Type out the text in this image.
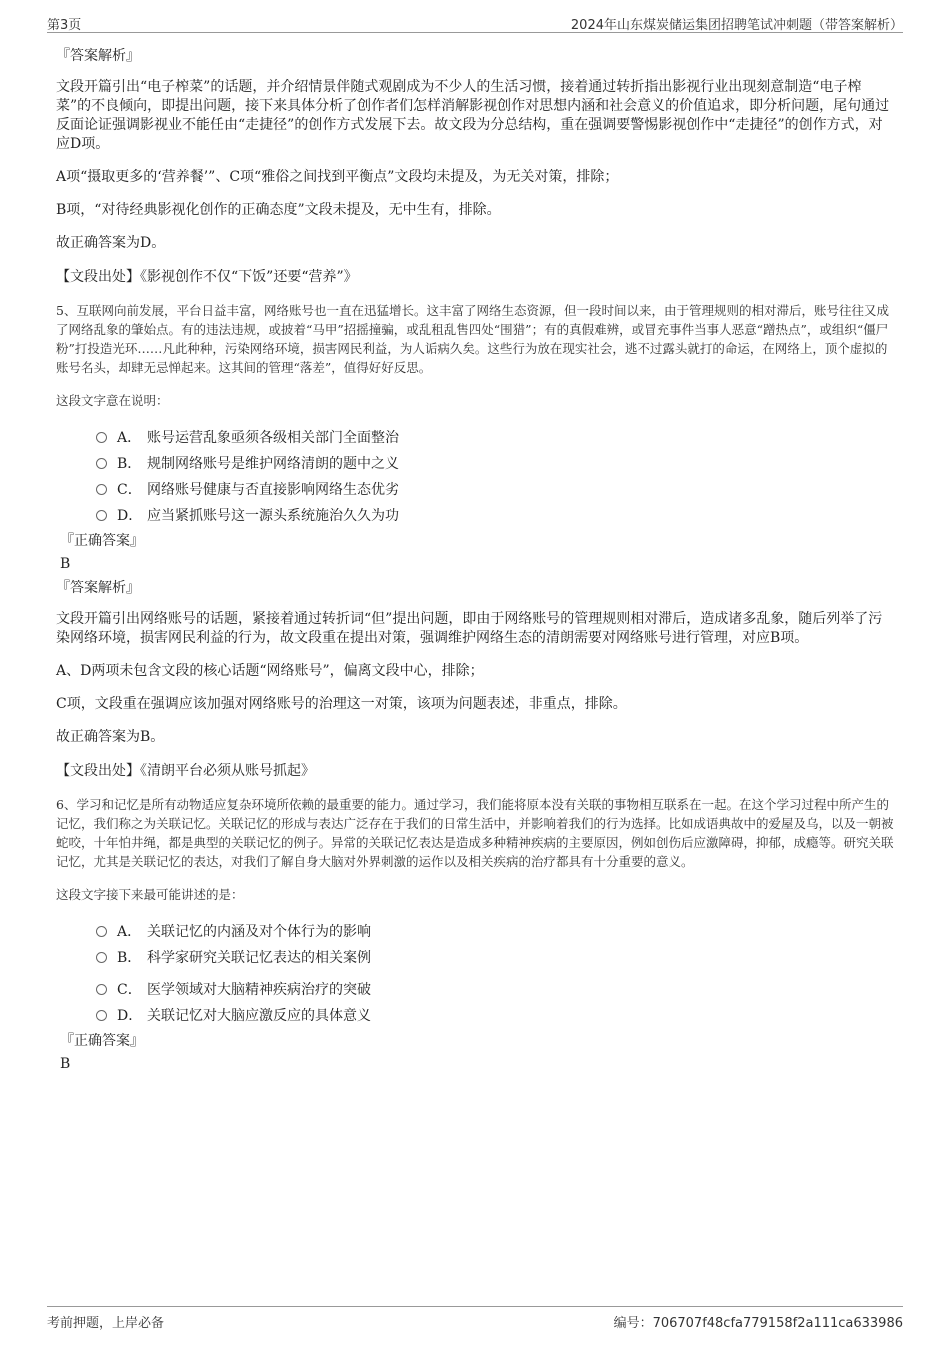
第3页	2024年山东煤炭储运集团招聘笔试冲刺题（带答案解析）
『答案解析』
文段开篇引出“电子榨菜”的话题，并介绍情景伴随式观剧成为不少人的生活习惯，接着通过转折指出影视行业出现刻意制造“电子榨菜”的不良倾向，即提出问题，接下来具体分析了创作者们怎样消解影视创作对思想内涵和社会意义的价值追求，即分析问题，尾句通过反面论证强调影视业不能任由“走捷径”的创作方式发展下去。故文段为分总结构，重在强调要警惕影视创作中“走捷径”的创作方式，对应D项。
A项“摄取更多的‘营养餐’”、C项“雅俗之间找到平衡点”文段均未提及，为无关对策，排除；
B项，“对待经典影视化创作的正确态度”文段未提及，无中生有，排除。
故正确答案为D。
【文段出处】《影视创作不仅“下饭”还要“营养”》
5、互联网向前发展，平台日益丰富，网络账号也一直在迅猛增长。这丰富了网络生态资源，但一段时间以来，由于管理规则的相对滞后，账号往往又成了网络乱象的肇始点。有的违法违规，或披着“马甲”招摇撞骗，或乱租乱售四处“围猎”；有的真假难辨，或冒充事件当事人恶意“蹭热点”，或组织“僵尸粉”打投造光环……凡此种种，污染网络环境，损害网民利益，为人诟病久矣。这些行为放在现实社会，逃不过露头就打的命运，在网络上，顶个虚拟的账号名头，却肆无忌惮起来。这其间的管理“落差”，值得好好反思。
这段文字意在说明：
A． 账号运营乱象亟须各级相关部门全面整治
B． 规制网络账号是维护网络清朗的题中之义
C． 网络账号健康与否直接影响网络生态优劣
D． 应当紧抓账号这一源头系统施治久久为功
『正确答案』
B
『答案解析』
文段开篇引出网络账号的话题，紧接着通过转折词“但”提出问题，即由于网络账号的管理规则相对滞后，造成诸多乱象，随后列举了污染网络环境，损害网民利益的行为，故文段重在提出对策，强调维护网络生态的清朗需要对网络账号进行管理，对应B项。
A、D两项未包含文段的核心话题“网络账号”，偏离文段中心，排除；
C项，文段重在强调应该加强对网络账号的治理这一对策，该项为问题表述，非重点，排除。
故正确答案为B。
【文段出处】《清朗平台必须从账号抓起》
6、学习和记忆是所有动物适应复杂环境所依赖的最重要的能力。通过学习，我们能将原本没有关联的事物相互联系在一起。在这个学习过程中所产生的记忆，我们称之为关联记忆。关联记忆的形成与表达广泛存在于我们的日常生活中，并影响着我们的行为选择。比如成语典故中的爱屋及乌，以及一朝被蛇咬，十年怕井绳，都是典型的关联记忆的例子。异常的关联记忆表达是造成多种精神疾病的主要原因，例如创伤后应激障碍，抑郁，成瘾等。研究关联记忆，尤其是关联记忆的表达，对我们了解自身大脑对外界刺激的运作以及相关疾病的治疗都具有十分重要的意义。
这段文字接下来最可能讲述的是：
A． 关联记忆的内涵及对个体行为的影响
B． 科学家研究关联记忆表达的相关案例
C． 医学领域对大脑精神疾病治疗的突破
D． 关联记忆对大脑应激反应的具体意义
『正确答案』
B
考前押题，上岸必备	编号：706707f48cfa779158f2a111ca633986
